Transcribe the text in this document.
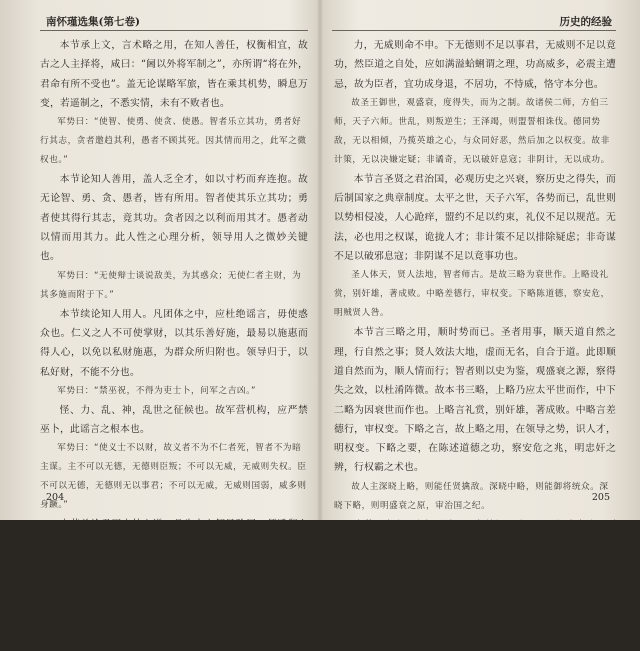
南怀瑾选集(第七卷)

本节承上文，言术略之用，在知人善任，权衡相宜，故古之人主择将，咸曰：“阃以外将军制之”，亦所谓“将在外，君命有所不受也”。盖无论谋略军旅，皆在乘其机势，瞬息万变，若遥制之，不悉实情，未有不败者也。

军势曰：“使智、使勇、使贪、使愚。智者乐立其功，勇者好行其志，贪者邀趋其利，愚者不顾其死。因其情而用之，此军之微权也。”

本节论知人善用，盖人乏全才，如以寸朽而弃连抱。故无论智、勇、贪、愚者，皆有所用。智者使其乐立其功；勇者使其得行其志，竟其功。贪者因之以利而用其才。愚者动以情而用其力。此人性之心理分析，领导用人之微妙关键也。

军势曰：“无使辩士谈说敌美，为其惑众；无使仁者主财，为其多施而附于下。”

本节续论知人用人。凡团体之中，应杜绝谣言，毋使惑众也。仁义之人不可使掌财，以其乐善好施，最易以施惠而得人心，以免以私财施惠，为群众所归附也。领导归于，以私好财，不能不分也。

军势曰：“禁巫祝，不得为吏士卜，问军之吉凶。”

怪、力、乱、神，乱世之征候也。故军营机构，应严禁巫卜，此谣言之根本也。

军势曰：“使义士不以财，故义者不为不仁者死，智者不为暗主谋。主不可以无德，无德则臣叛；不可以无威，无威则失权。臣不可以无德，无德则无以事君；不可以无威，无威则国弱，威多则身蹶。”

本节总论君臣自处之道，凡为上之领导阶层，须透彻人情，知用人也，或义或利，或动之以情，或示之以威，此在四人而异，不可执一，统御之道，成败决于本身之条件，德威相辅而用也。故主暴则臣叛，主愚则臣贪，任臣之法，均以修德为先，以不德为己。故主之无德，必为人所弃；此《大学》所言：“故天子以至于庶人，壹是皆以修身为本。”上无德，则御下不

204
历史的经验

力，无威则命不申。下无德则不足以事君，无威则不足以竟功，然臣道之自处，应如满溢蛤蜊谓之理，功高威多，必震主遭忌，故为臣者，宜功成身退，不居功，不恃威，恪守本分也。

故圣王御世，观盛衰，度得失，而为之制。故诸侯二师，方伯三师，天子六师。世乱，则叛逆生；王泽竭，则盟誓相诛伐。德同势敌，无以相倾，乃揽英雄之心，与众同好恶，然后加之以权变。故非计策，无以决嫌定疑；非谲奇，无以破奸息寇；非阴计，无以成功。

本节言圣贤之君治国，必观历史之兴衰，察历史之得失，而后制国家之典章制度。太平之世，天子六军，各势而已，乱世则以势相侵凌，人心跄痒，盟约不足以约束，礼仪不足以规范。无法，必也用之权谋，诡拢人才；非计策不足以排除疑虑；非奇谋不足以破邪息寇；非阴谋不足以竟事功也。

圣人体天，贤人法地，智者师古。是故三略为衰世作。上略设礼赏，别奸雄，著成败。中略差德行，审权变。下略陈道德，察安危，明贼贤人咎。

本节言三略之用，顺时势而已。圣者用事，顺天道自然之理，行自然之事；贤人效法大地，虚而无名，自合于道。此即顺道自然而为，顺人情而行；智者则以史为鉴，观盛衰之源，察得失之效，以杜淆阵微。故本书三略，上略乃应太平世而作，中下二略为因衰世而作也。上略言礼赏，别奸雄，著成败。中略言差德行，审权变。下略之言，故上略之用，在领导之势，识人才，明权变。下略之要，在陈述道德之功，察安危之兆，明忠奸之辨，行权霸之术也。

故人主深晓上略，则能任贤擒敌。深晓中略，则能御将统众。深晓下略，则明盛衰之原，审治国之纪。

本节承上文，言领导阶层，务熟知三略。人君深晓上略，则能任贤擒敌于而治天下。深晓中略，则能统御将士，出号施令以平天下。深晓下略，则知观古以鉴今，明盛衰之源，审得失之要，

205
